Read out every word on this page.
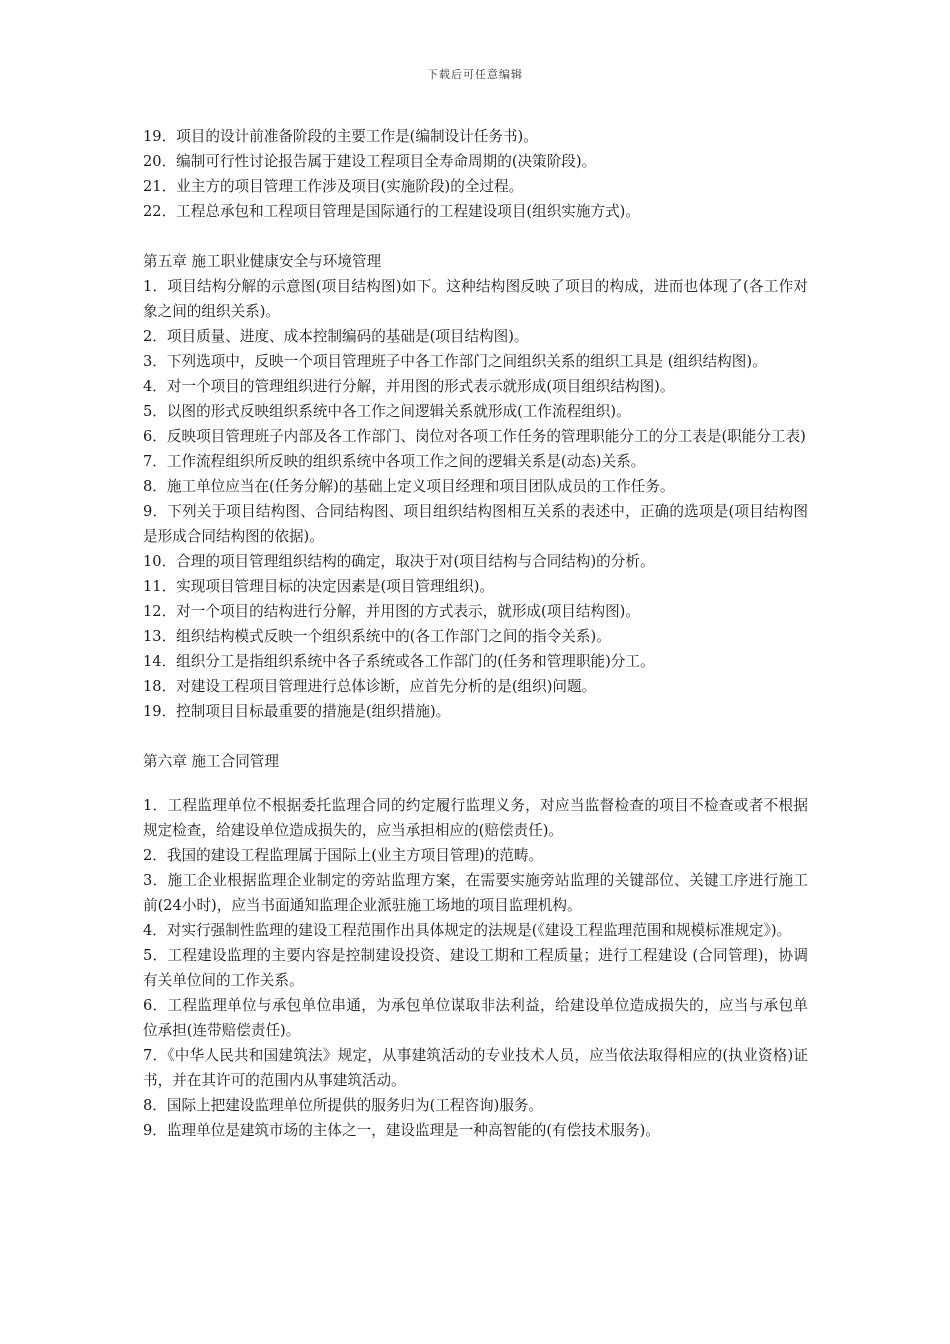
下载后可任意编辑

19．项目的设计前准备阶段的主要工作是(编制设计任务书)。

20．编制可行性讨论报告属于建设工程项目全寿命周期的(决策阶段)。

21．业主方的项目管理工作涉及项目(实施阶段)的全过程。

22．工程总承包和工程项目管理是国际通行的工程建设项目(组织实施方式)。

第五章 施工职业健康安全与环境管理

1．项目结构分解的示意图(项目结构图)如下。这种结构图反映了项目的构成，进而也体现了(各工作对象之间的组织关系)。

2．项目质量、进度、成本控制编码的基础是(项目结构图)。

3．下列选项中，反映一个项目管理班子中各工作部门之间组织关系的组织工具是 (组织结构图)。

4．对一个项目的管理组织进行分解，并用图的形式表示就形成(项目组织结构图)。

5．以图的形式反映组织系统中各工作之间逻辑关系就形成(工作流程组织)。

6．反映项目管理班子内部及各工作部门、岗位对各项工作任务的管理职能分工的分工表是(职能分工表)

7．工作流程组织所反映的组织系统中各项工作之间的逻辑关系是(动态)关系。

8．施工单位应当在(任务分解)的基础上定义项目经理和项目团队成员的工作任务。

9．下列关于项目结构图、合同结构图、项目组织结构图相互关系的表述中，正确的选项是(项目结构图是形成合同结构图的依据)。

10．合理的项目管理组织结构的确定，取决于对(项目结构与合同结构)的分析。

11．实现项目管理目标的决定因素是(项目管理组织)。

12．对一个项目的结构进行分解，并用图的方式表示，就形成(项目结构图)。

13．组织结构模式反映一个组织系统中的(各工作部门之间的指令关系)。

14．组织分工是指组织系统中各子系统或各工作部门的(任务和管理职能)分工。

18．对建设工程项目管理进行总体诊断，应首先分析的是(组织)问题。

19．控制项目目标最重要的措施是(组织措施)。

第六章 施工合同管理

1．工程监理单位不根据委托监理合同的约定履行监理义务，对应当监督检查的项目不检查或者不根据规定检查，给建设单位造成损失的，应当承担相应的(赔偿责任)。

2．我国的建设工程监理属于国际上(业主方项目管理)的范畴。

3．施工企业根据监理企业制定的旁站监理方案，在需要实施旁站监理的关键部位、关键工序进行施工前(24小时)，应当书面通知监理企业派驻施工场地的项目监理机构。

4．对实行强制性监理的建设工程范围作出具体规定的法规是(《建设工程监理范围和规模标准规定》)。

5．工程建设监理的主要内容是控制建设投资、建设工期和工程质量；进行工程建设 (合同管理)，协调有关单位间的工作关系。

6．工程监理单位与承包单位串通，为承包单位谋取非法利益，给建设单位造成损失的，应当与承包单位承担(连带赔偿责任)。

7．《中华人民共和国建筑法》规定，从事建筑活动的专业技术人员，应当依法取得相应的(执业资格)证书，并在其许可的范围内从事建筑活动。

8．国际上把建设监理单位所提供的服务归为(工程咨询)服务。

9．监理单位是建筑市场的主体之一，建设监理是一种高智能的(有偿技术服务)。
